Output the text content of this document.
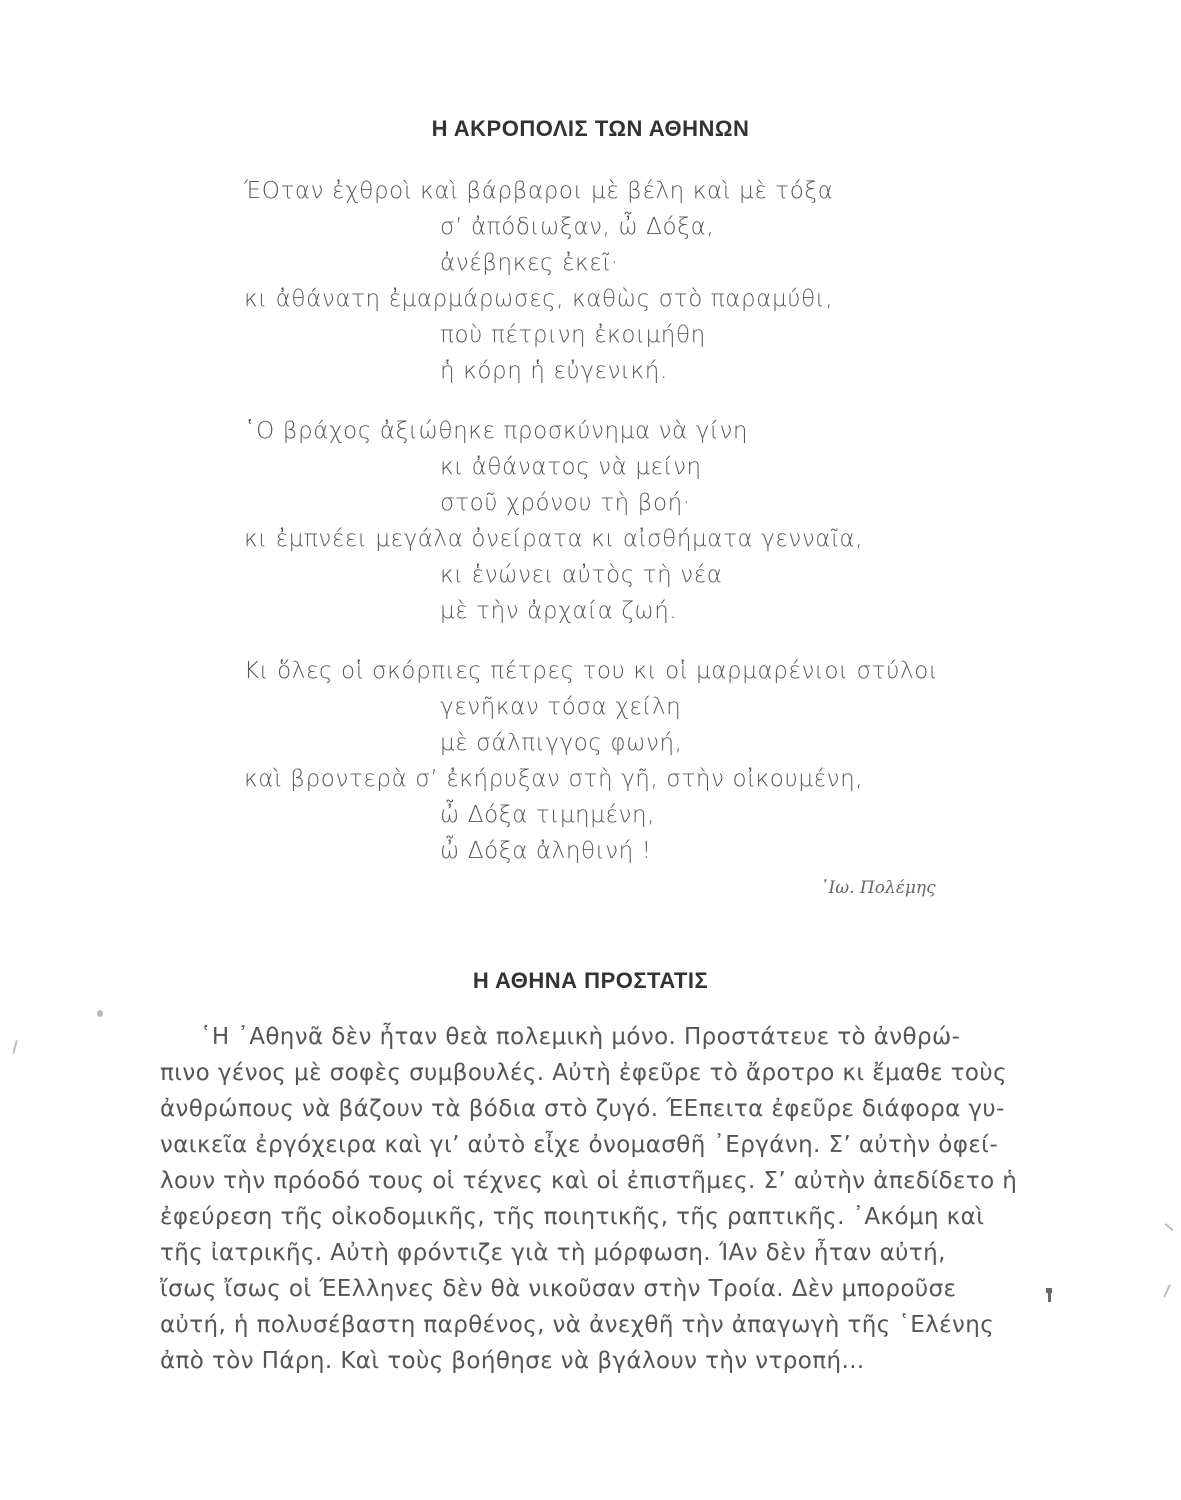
Η ΑΚΡΟΠΟΛΙΣ ΤΩΝ ΑΘΗΝΩΝ
ΈΟταν ἐχθροὶ καὶ βάρβαροι μὲ βέλη καὶ μὲ τόξα
σ’ ἀπόδιωξαν, ὦ Δόξα,
ἀνέβηκες ἐκεῖ·
κι ἀθάνατη ἐμαρμάρωσες, καθὼς στὸ παραμύθι,
ποὺ πέτρινη ἐκοιμήθη
ἡ κόρη ἡ εὐγενική.
῾Ο βράχος ἀξιώθηκε προσκύνημα νὰ γίνη
κι ἀθάνατος νὰ μείνη
στοῦ χρόνου τὴ βοή·
κι ἐμπνέει μεγάλα ὀνείρατα κι αἰσθήματα γενναῖα,
κι ἑνώνει αὐτὸς τὴ νέα
μὲ τὴν ἀρχαία ζωή.
Κι ὅλες οἱ σκόρπιες πέτρες του κι οἱ μαρμαρένιοι στύλοι
γενῆκαν τόσα χείλη
μὲ σάλπιγγος φωνή,
καὶ βροντερὰ σ’ ἐκήρυξαν στὴ γῆ, στὴν οἰκουμένη,
ὦ Δόξα τιμημένη,
ὦ Δόξα ἀληθινή !
᾿Ιω. Πολέμης
Η ΑΘΗΝΑ ΠΡΟΣΤΑΤΙΣ
῾Η ᾿Αθηνᾶ δὲν ἦταν θεὰ πολεμικὴ μόνο. Προστάτευε τὸ ἀνθρώ-
πινο γένος μὲ σοφὲς συμβουλές. Αὐτὴ ἐφεῦρε τὸ ἄροτρο κι ἔμαθε τοὺς
ἀνθρώπους νὰ βάζουν τὰ βόδια στὸ ζυγό. ΈΕπειτα ἐφεῦρε διάφορα γυ-
ναικεῖα ἐργόχειρα καὶ γι’ αὐτὸ εἶχε ὀνομασθῆ ᾿Εργάνη. Σ’ αὐτὴν ὀφεί-
λουν τὴν πρόοδό τους οἱ τέχνες καὶ οἱ ἐπιστῆμες. Σ’ αὐτὴν ἀπεδίδετο ἡ
ἐφεύρεση τῆς οἰκοδομικῆς, τῆς ποιητικῆς, τῆς ραπτικῆς. ᾿Ακόμη καὶ
τῆς ἰατρικῆς. Αὐτὴ φρόντιζε γιὰ τὴ μόρφωση. ΊΑν δὲν ἦταν αὐτή,
ἴσως ἴσως οἱ ΈΕλληνες δὲν θὰ νικοῦσαν στὴν Τροία. Δὲν μποροῦσε
αὐτή, ἡ πολυσέβαστη παρθένος, νὰ ἀνεχθῆ τὴν ἀπαγωγὴ τῆς ῾Ελένης
ἀπὸ τὸν Πάρη. Καὶ τοὺς βοήθησε νὰ βγάλουν τὴν ντροπή...
